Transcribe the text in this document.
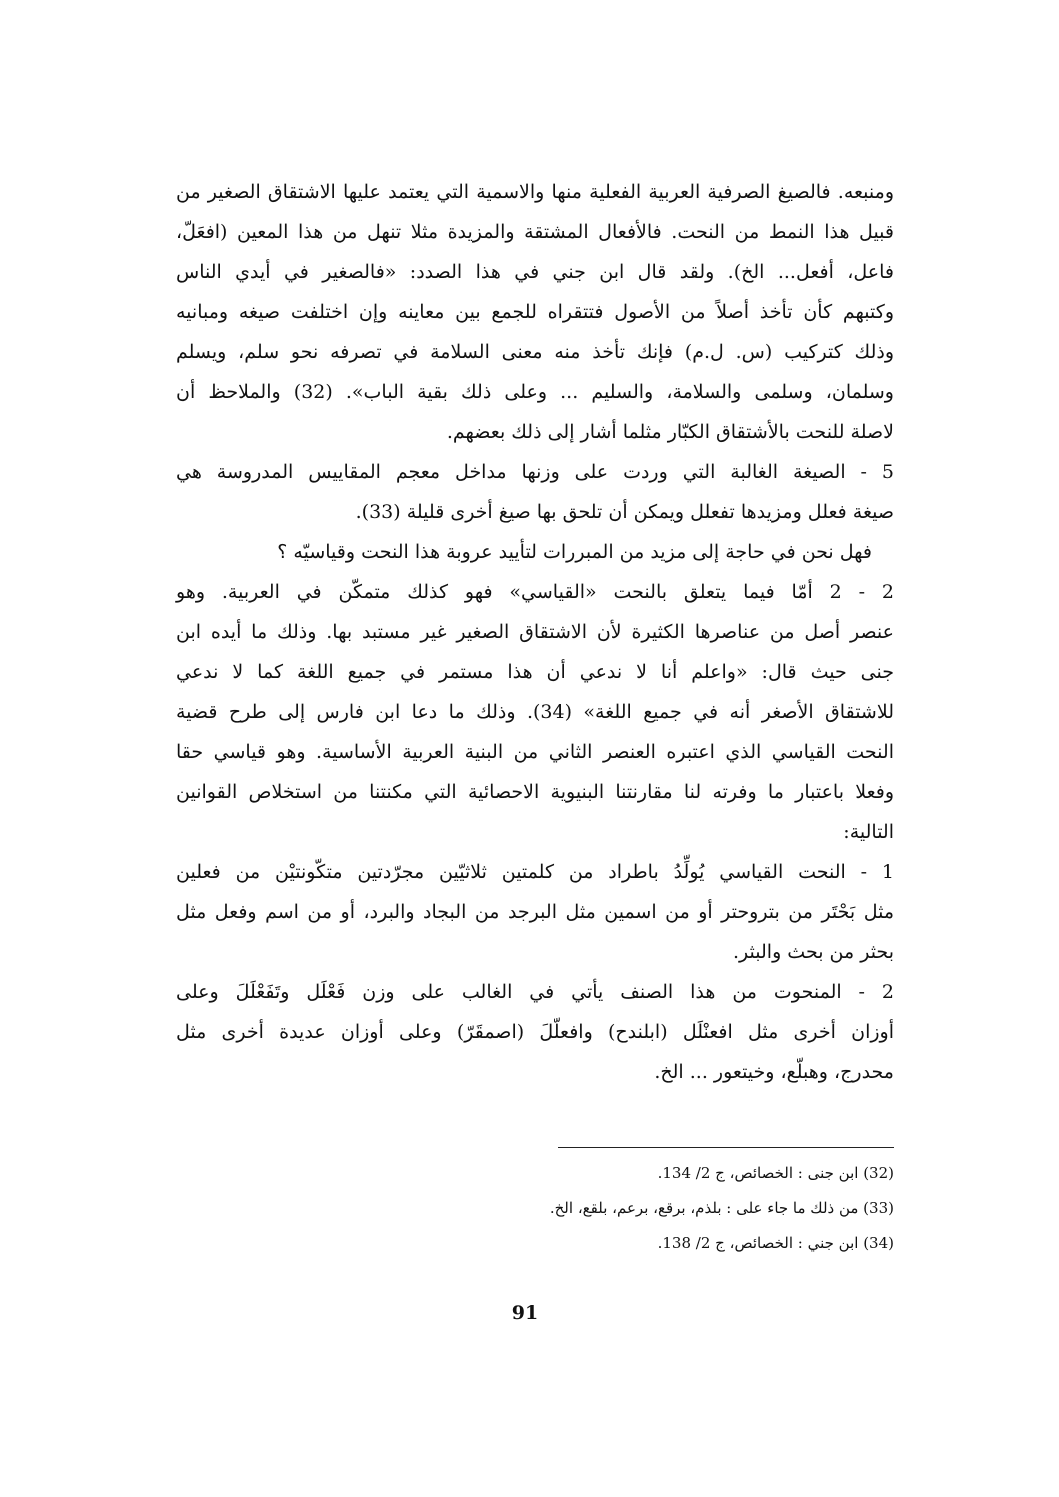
ومنبعه. فالصيغ الصرفية العربية الفعلية منها والاسمية التي يعتمد عليها الاشتقاق الصغير من
قبيل هذا النمط من النحت. فالأفعال المشتقة والمزيدة مثلا تنهل من هذا المعين (افعَلّ،
فاعل، أفعل... الخ). ولقد قال ابن جني في هذا الصدد: «فالصغير في أيدي الناس
وكتبهم كأن تأخذ أصلاً من الأصول فتتقراه للجمع بين معاينه وإن اختلفت صيغه ومبانيه
وذلك كتركيب (س. ل.م) فإنك تأخذ منه معنى السلامة في تصرفه نحو سلم، ويسلم
وسلمان، وسلمى والسلامة، والسليم ... وعلى ذلك بقية الباب». (32) والملاحظ أن
لاصلة للنحت بالأشتقاق الكبّار مثلما أشار إلى ذلك بعضهم.
5 - الصيغة الغالبة التي وردت على وزنها مداخل معجم المقاييس المدروسة هي
صيغة فعلل ومزيدها تفعلل ويمكن أن تلحق بها صيغ أخرى قليلة (33).
فهل نحن في حاجة إلى مزيد من المبررات لتأييد عروبة هذا النحت وقياسيّه ؟
2 - 2 أمّا فيما يتعلق بالنحت «القياسي» فهو كذلك متمكّن في العربية. وهو
عنصر أصل من عناصرها الكثيرة لأن الاشتقاق الصغير غير مستبد بها. وذلك ما أيده ابن
جنى حيث قال: «واعلم أنا لا ندعي أن هذا مستمر في جميع اللغة كما لا ندعي
للاشتقاق الأصغر أنه في جميع اللغة» (34). وذلك ما دعا ابن فارس إلى طرح قضية
النحت القياسي الذي اعتبره العنصر الثاني من البنية العربية الأساسية. وهو قياسي حقا
وفعلا باعتبار ما وفرته لنا مقارنتنا البنيوية الاحصائية التي مكنتنا من استخلاص القوانين
التالية:
1 - النحت القياسي يُولِّدُ باطراد من كلمتين ثلاثيّين مجرّدتين متكّونتيْن من فعلين
مثل بَحْتَر من بتروحتر أو من اسمين مثل البرجد من البجاد والبرد، أو من اسم وفعل مثل
بحثر من بحث والبثر.
2 - المنحوت من هذا الصنف يأتي في الغالب على وزن فَعْلَل وتَفَعْلَلَ وعلى
أوزان أخرى مثل افعنْلَل (ابلندح) وافعلّلَ (اصمقَرّ) وعلى أوزان عديدة أخرى مثل
محدرج، وهبلّع، وخيتعور ... الخ.
(32) ابن جنى : الخصائص، ج 2/ 134.
(33) من ذلك ما جاء على : بلذم، برقع، برعم، بلقع، الخ.
(34) ابن جني : الخصائص، ج 2/ 138.
91
